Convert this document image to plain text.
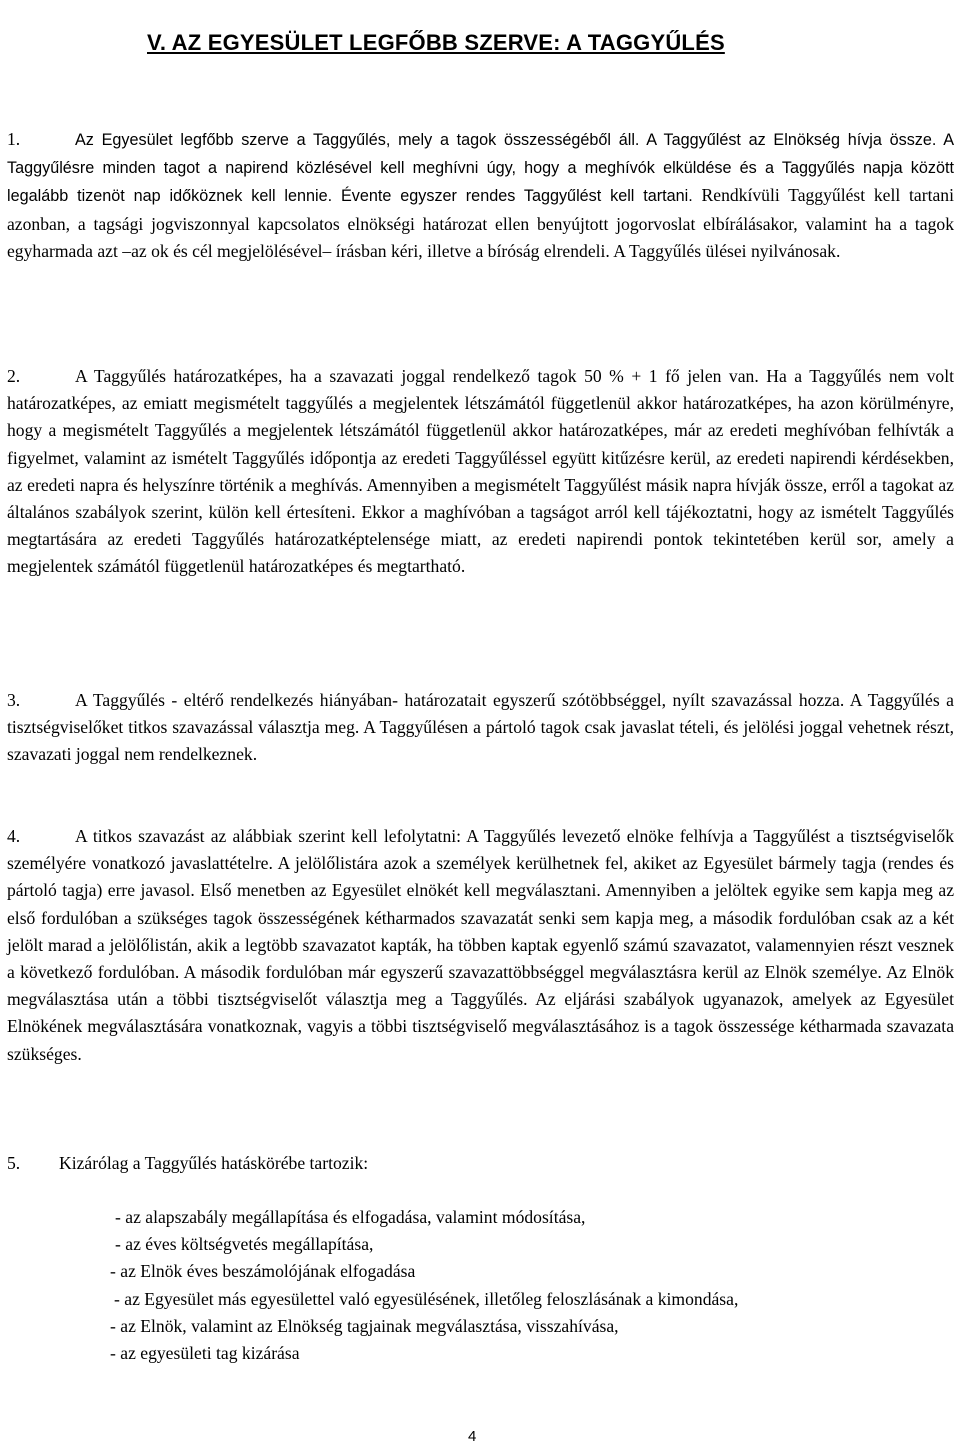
V. AZ EGYESÜLET LEGFŐBB SZERVE: A TAGGYŰLÉS

1.	Az Egyesület legfőbb szerve a Taggyűlés, mely a tagok összességéből áll. A Taggyűlést az Elnökség hívja össze. A Taggyűlésre minden tagot a napirend közlésével kell meghívni úgy, hogy a meghívók elküldése és a Taggyűlés napja között legalább tizenöt nap időköznek kell lennie. Évente egyszer rendes Taggyűlést kell tartani. Rendkívüli Taggyűlést kell tartani azonban, a tagsági jogviszonnyal kapcsolatos elnökségi határozat ellen benyújtott jogorvoslat elbírálásakor, valamint ha a tagok egyharmada azt –az ok és cél megjelölésével– írásban kéri, illetve a bíróság elrendeli. A Taggyűlés ülései nyilvánosak.

2.	A Taggyűlés határozatképes, ha a szavazati joggal rendelkező tagok 50 % + 1 fő jelen van. Ha a Taggyűlés nem volt határozatképes, az emiatt megismételt taggyűlés a megjelentek létszámától függetlenül akkor határozatképes, ha azon körülményre, hogy a megismételt Taggyűlés a megjelentek létszámától függetlenül akkor határozatképes, már az eredeti meghívóban felhívták a figyelmet, valamint az ismételt Taggyűlés időpontja az eredeti Taggyűléssel együtt kitűzésre kerül, az eredeti napirendi kérdésekben, az eredeti napra és helyszínre történik a meghívás. Amennyiben a megismételt Taggyűlést másik napra hívják össze, erről a tagokat az általános szabályok szerint, külön kell értesíteni. Ekkor a maghívóban a tagságot arról kell tájékoztatni, hogy az ismételt Taggyűlés megtartására az eredeti Taggyűlés határozatképtelensége miatt, az eredeti napirendi pontok tekintetében kerül sor, amely a megjelentek számától függetlenül határozatképes és megtartható.

3.	A Taggyűlés - eltérő rendelkezés hiányában- határozatait egyszerű szótöbbséggel, nyílt szavazással hozza. A Taggyűlés a tisztségviselőket titkos szavazással választja meg. A Taggyűlésen a pártoló tagok csak javaslat tételi, és jelölési joggal vehetnek részt, szavazati joggal nem rendelkeznek.

4.	A titkos szavazást az alábbiak szerint kell lefolytatni: A Taggyűlés levezető elnöke felhívja a Taggyűlést a tisztségviselők személyére vonatkozó javaslattételre. A jelölőlistára azok a személyek kerülhetnek fel, akiket az Egyesület bármely tagja (rendes és pártoló tagja) erre javasol. Első menetben az Egyesület elnökét kell megválasztani. Amennyiben a jelöltek egyike sem kapja meg az első fordulóban a szükséges tagok összességének kétharmados szavazatát senki sem kapja meg, a második fordulóban csak az a két jelölt marad a jelölőlistán, akik a legtöbb szavazatot kapták, ha többen kaptak egyenlő számú szavazatot, valamennyien részt vesznek a következő fordulóban. A második fordulóban már egyszerű szavazattöbbséggel megválasztásra kerül az Elnök személye. Az Elnök megválasztása után a többi tisztségviselőt választja meg a Taggyűlés. Az eljárási szabályok ugyanazok, amelyek az Egyesület Elnökének megválasztására vonatkoznak, vagyis a többi tisztségviselő megválasztásához is a tagok összessége kétharmada szavazata szükséges.

5. Kizárólag a Taggyűlés hatáskörébe tartozik:

- az alapszabály megállapítása és elfogadása, valamint módosítása,
- az éves költségvetés megállapítása,
- az Elnök éves beszámolójának elfogadása
- az Egyesület más egyesülettel való egyesülésének, illetőleg feloszlásának a kimondása,
- az Elnök, valamint az Elnökség tagjainak megválasztása, visszahívása,
- az egyesületi tag kizárása
4
